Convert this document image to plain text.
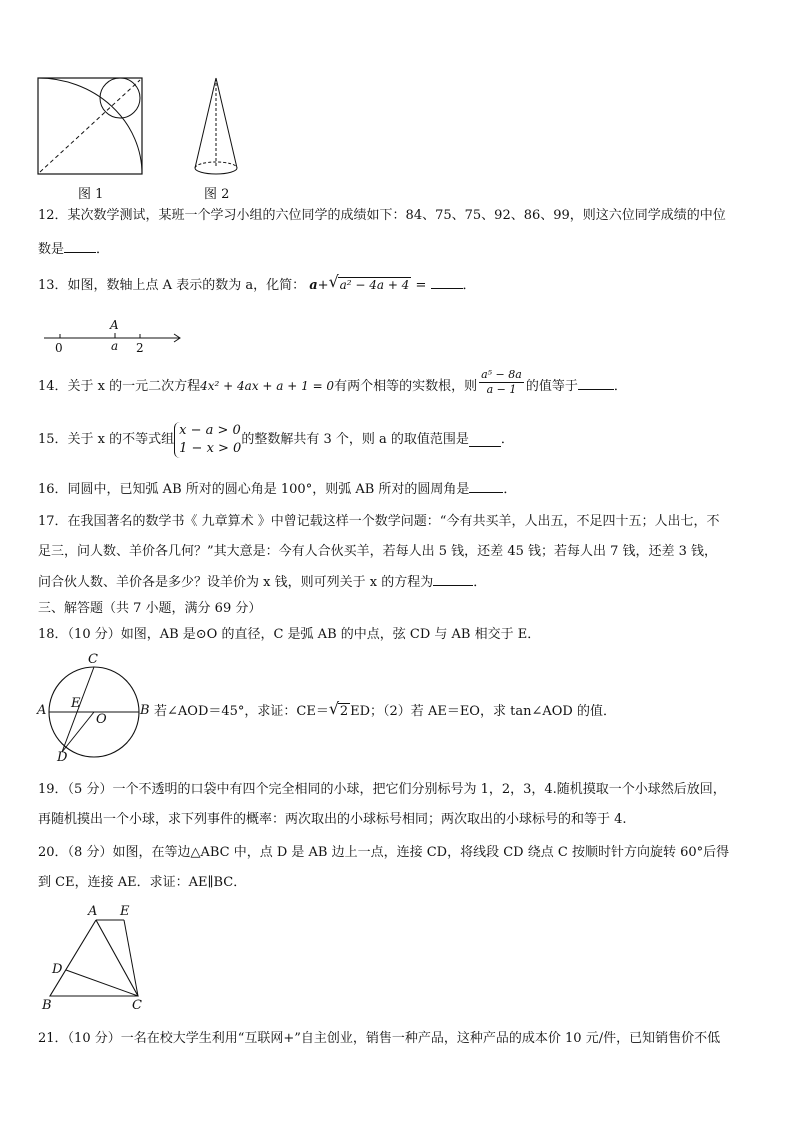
图 1	图 2
12．某次数学测试，某班一个学习小组的六位同学的成绩如下：84、75、75、92、86、99，则这六位同学成绩的中位
数是 ．
13．如图，数轴上点 A 表示的数为 a，化简： a+ √ a² − 4a + 4 =	．
A
0	a 2
14．关于 x 的一元二次方程4x² + 4ax + a + 1 = 0有两个相等的实数根，则 $\frac{\text{a⁵ − 8a}}{a - 1}$ 的值等于	．
15．关于 x 的不等式组
x − a > 0
1 − x > 0
的整数解共有 3 个，则 a 的取值范围是 ．
16．同圆中，已知弧 AB 所对的圆心角是 100°，则弧 AB 所对的圆周角是	．
17．在我国著名的数学书《 九章算术 》中曾记载这样一个数学问题：“今有共买羊，人出五，不足四十五；人出七，不
足三，问人数、羊价各几何？”其大意是：今有人合伙买羊，若每人出 5 钱，还差 45 钱；若每人出 7 钱，还差 3 钱，
问合伙人数、羊价各是多少？设羊价为 x 钱，则可列关于 x 的方程为	．
三、解答题（共 7 小题，满分 69 分）
18．（10 分）如图，AB 是⊙O 的直径，C 是弧 AB 的中点，弦 CD 与 AB 相交于 E．
C
A	B
E
O
D
若∠AOD＝45°，求证：CE＝ √ 2 ED；（2）若 AE＝EO，求 tan∠AOD 的值．
19．（5 分）一个不透明的口袋中有四个完全相同的小球，把它们分别标号为 1，2，3，4.随机摸取一个小球然后放回，
再随机摸出一个小球，求下列事件的概率：两次取出的小球标号相同；两次取出的小球标号的和等于 4.
20．（8 分）如图，在等边△ABC 中，点 D 是 AB 边上一点，连接 CD，将线段 CD 绕点 C 按顺时针方向旋转 60°后得
到 CE，连接 AE．求证：AE∥BC．
A E
D
B	C
21．（10 分）一名在校大学生利用“互联网+”自主创业，销售一种产品，这种产品的成本价 10 元/件，已知销售价不低
